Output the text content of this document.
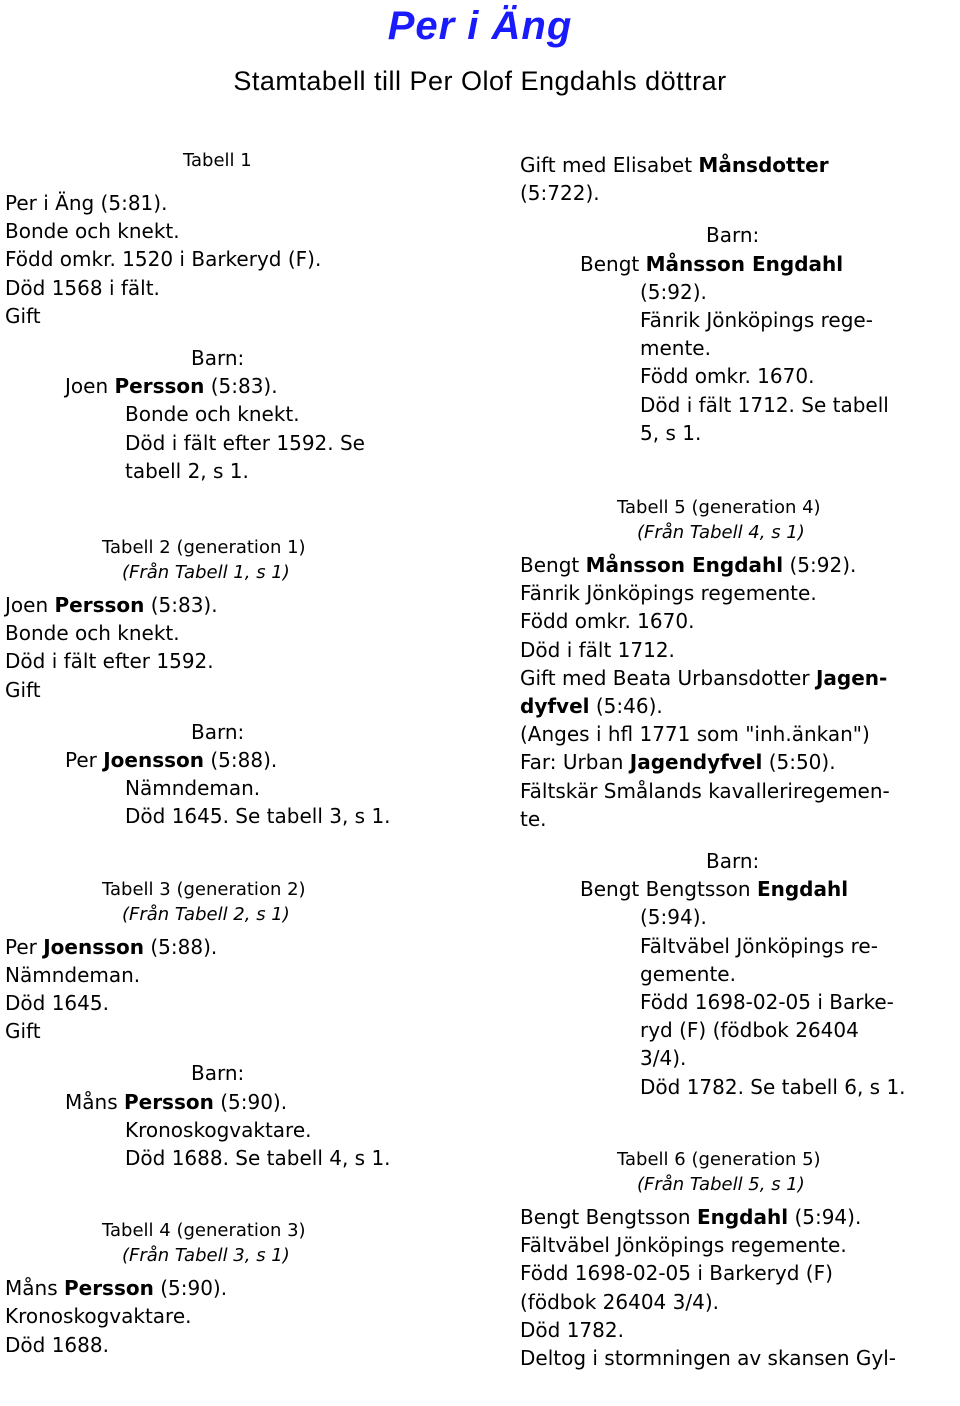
Per i Äng
Stamtabell till Per Olof Engdahls döttrar
Tabell 1
Per i Äng (5:81).
Bonde och knekt.
Född omkr. 1520 i Barkeryd (F).
Död 1568 i fält.
Gift
Barn:
Joen Persson (5:83).
Bonde och knekt.
Död i fält efter 1592. Se
tabell 2, s 1.
Tabell 2 (generation 1)
(Från Tabell 1, s 1)
Joen Persson (5:83).
Bonde och knekt.
Död i fält efter 1592.
Gift
Barn:
Per Joensson (5:88).
Nämndeman.
Död 1645. Se tabell 3, s 1.
Tabell 3 (generation 2)
(Från Tabell 2, s 1)
Per Joensson (5:88).
Nämndeman.
Död 1645.
Gift
Barn:
Måns Persson (5:90).
Kronoskogvaktare.
Död 1688. Se tabell 4, s 1.
Tabell 4 (generation 3)
(Från Tabell 3, s 1)
Måns Persson (5:90).
Kronoskogvaktare.
Död 1688.
Gift med Elisabet Månsdotter
(5:722).
Barn:
Bengt Månsson Engdahl
(5:92).
Fänrik Jönköpings rege-
mente.
Född omkr. 1670.
Död i fält 1712. Se tabell
5, s 1.
Tabell 5 (generation 4)
(Från Tabell 4, s 1)
Bengt Månsson Engdahl (5:92).
Fänrik Jönköpings regemente.
Född omkr. 1670.
Död i fält 1712.
Gift med Beata Urbansdotter Jagen-
dyfvel (5:46).
(Anges i hfl 1771 som "inh.änkan")
Far: Urban Jagendyfvel (5:50).
Fältskär Smålands kavalleriregemen-
te.
Barn:
Bengt Bengtsson Engdahl
(5:94).
Fältväbel Jönköpings re-
gemente.
Född 1698-02-05 i Barke-
ryd (F) (födbok 26404
3/4).
Död 1782. Se tabell 6, s 1.
Tabell 6 (generation 5)
(Från Tabell 5, s 1)
Bengt Bengtsson Engdahl (5:94).
Fältväbel Jönköpings regemente.
Född 1698-02-05 i Barkeryd (F)
(födbok 26404 3/4).
Död 1782.
Deltog i stormningen av skansen Gyl-
